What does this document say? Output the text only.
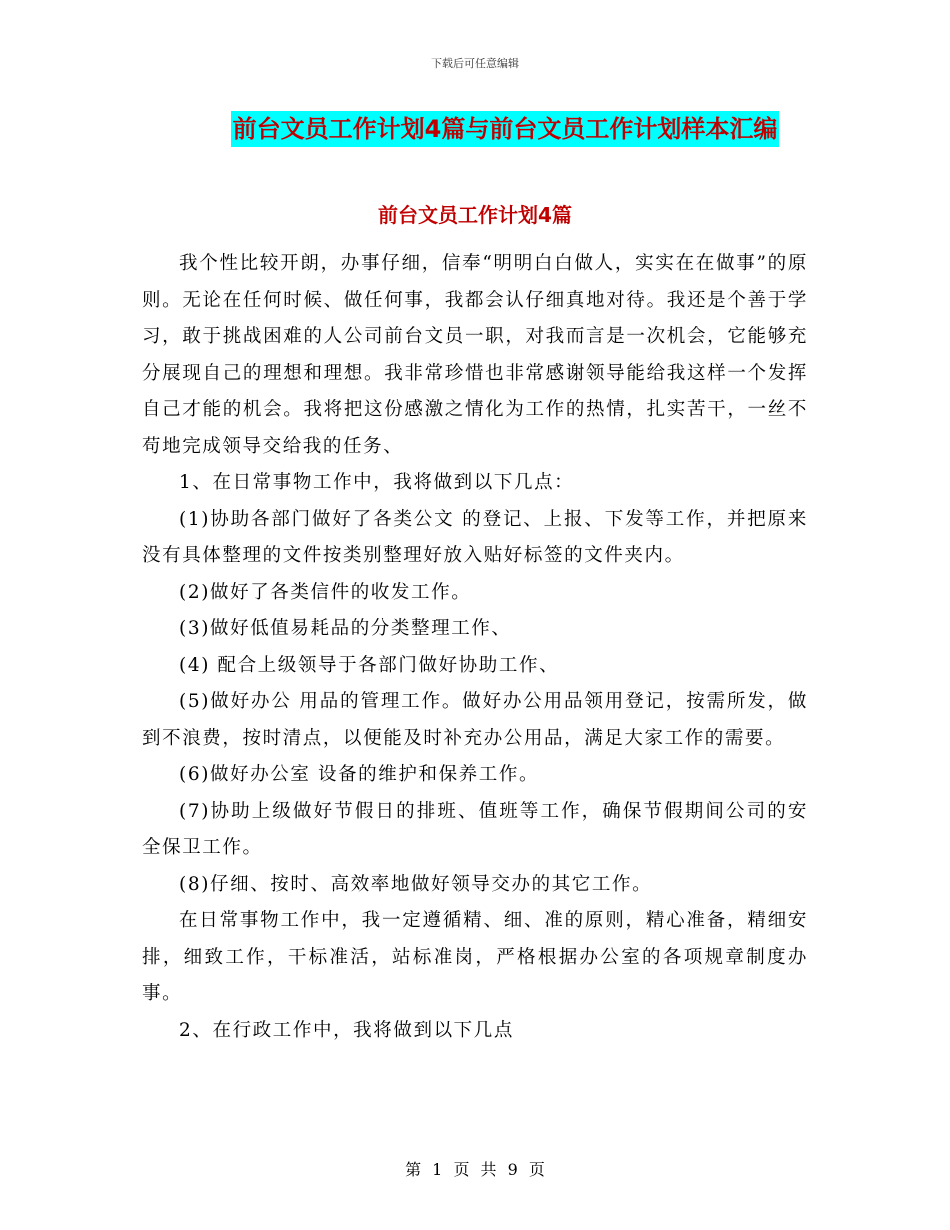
下载后可任意编辑
前台文员工作计划4篇与前台文员工作计划样本汇编
前台文员工作计划4篇

我个性比较开朗，办事仔细，信奉“明明白白做人，实实在在做事”的原则。无论在任何时候、做任何事，我都会认仔细真地对待。我还是个善于学习，敢于挑战困难的人公司前台文员一职，对我而言是一次机会，它能够充分展现自己的理想和理想。我非常珍惜也非常感谢领导能给我这样一个发挥自己才能的机会。我将把这份感激之情化为工作的热情，扎实苦干，一丝不苟地完成领导交给我的任务、

1、在日常事物工作中，我将做到以下几点：

(1)协助各部门做好了各类公文 的登记、上报、下发等工作，并把原来没有具体整理的文件按类别整理好放入贴好标签的文件夹内。

(2)做好了各类信件的收发工作。

(3)做好低值易耗品的分类整理工作、

(4) 配合上级领导于各部门做好协助工作、

(5)做好办公 用品的管理工作。做好办公用品领用登记，按需所发，做到不浪费，按时清点，以便能及时补充办公用品，满足大家工作的需要。

(6)做好办公室 设备的维护和保养工作。

(7)协助上级做好节假日的排班、值班等工作，确保节假期间公司的安全保卫工作。

(8)仔细、按时、高效率地做好领导交办的其它工作。

在日常事物工作中，我一定遵循精、细、准的原则，精心准备，精细安排，细致工作，干标准活，站标准岗，严格根据办公室的各项规章制度办事。

2、在行政工作中，我将做到以下几点

第 1 页 共 9 页
